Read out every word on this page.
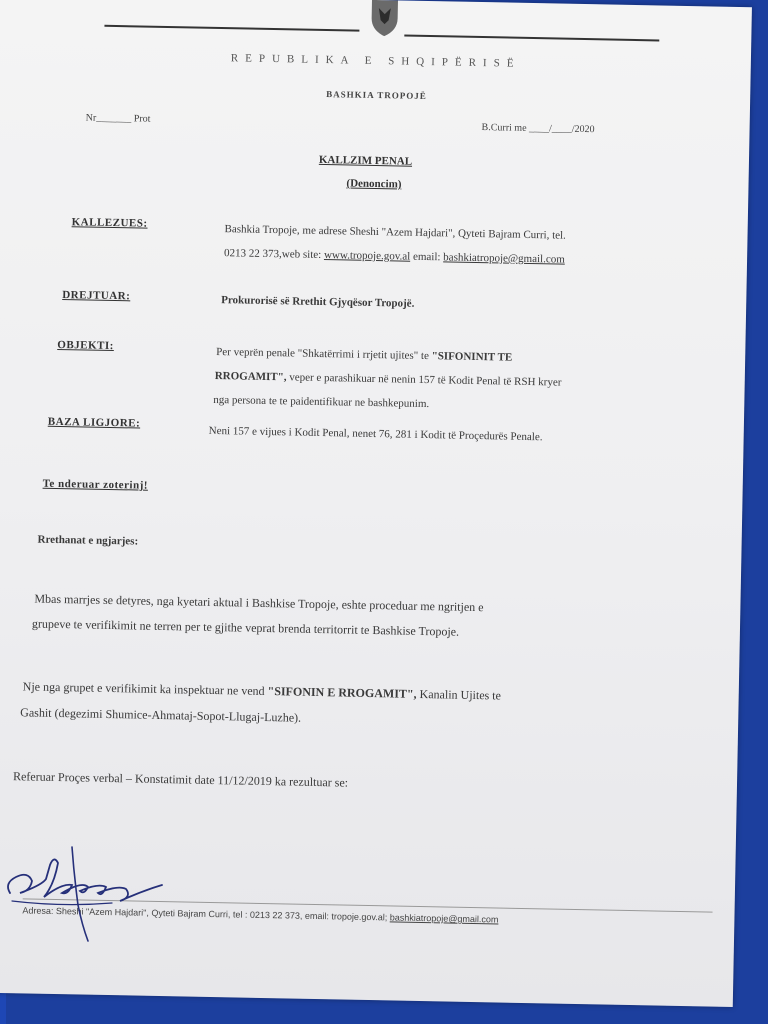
REPUBLIKA E SHQIPËRISË
BASHKIA TROPOJË
Nr_______ Prot
B.Curri me ____/____/2020
KALLZIM PENAL
(Denoncim)
KALLEZUES:
Bashkia Tropoje, me adrese Sheshi "Azem Hajdari", Qyteti Bajram Curri, tel.
0213 22 373,web site: www.tropoje.gov.al email: bashkiatropoje@gmail.com
DREJTUAR:	Prokurorisë së Rrethit Gjyqësor Tropojë.
OBJEKTI:
Per veprën penale "Shkatërrimi i rrjetit ujites" te "SIFONINIT TE
RROGAMIT", veper e parashikuar në nenin 157 të Kodit Penal të RSH kryer
nga persona te te paidentifikuar ne bashkepunim.
BAZA LIGJORE:
Neni 157 e vijues i Kodit Penal, nenet 76, 281 i Kodit të Proçedurës Penale.
Te nderuar zoterinj!
Rrethanat e ngjarjes:
Mbas marrjes se detyres, nga kyetari aktual i Bashkise Tropoje, eshte proceduar me ngritjen e
grupeve te verifikimit ne terren per te gjithe veprat brenda territorrit te Bashkise Tropoje.
Nje nga grupet e verifikimit ka inspektuar ne vend "SIFONIN E RROGAMIT", Kanalin Ujites te
Gashit (degezimi Shumice-Ahmataj-Sopot-Llugaj-Luzhe).
Referuar Proçes verbal – Konstatimit date 11/12/2019 ka rezultuar se:
Adresa: Sheshi "Azem Hajdari", Qyteti Bajram Curri, tel : 0213 22 373, email: tropoje.gov.al; bashkiatropoje@gmail.com
